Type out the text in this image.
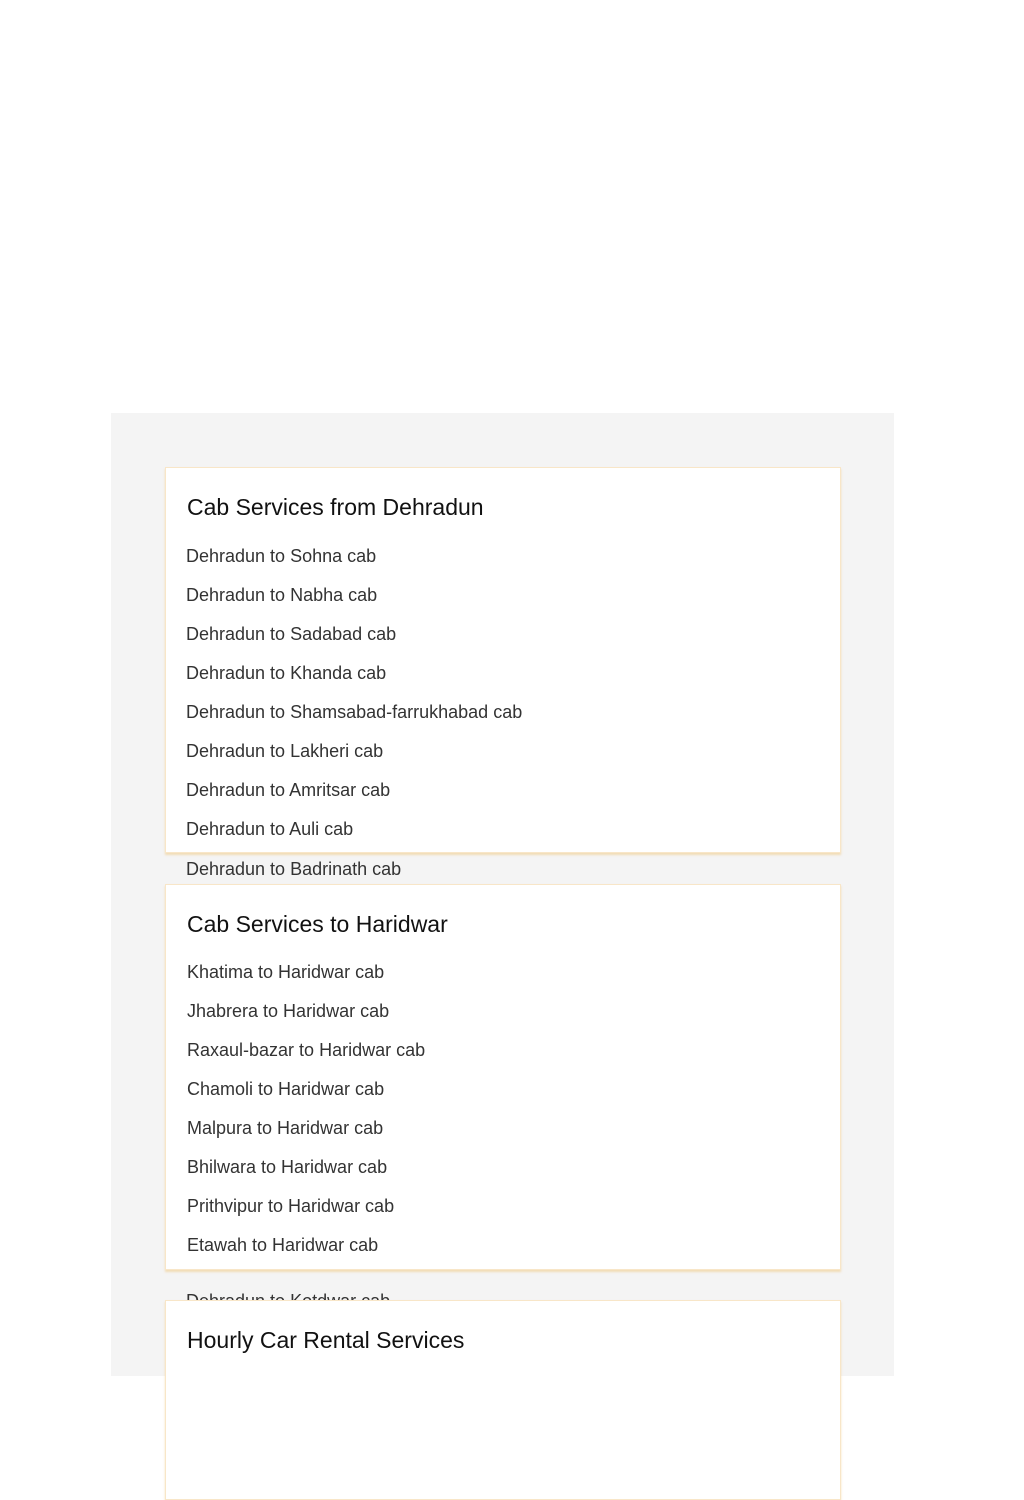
Cab Services from Dehradun
Dehradun to Sohna cab
Dehradun to Nabha cab
Dehradun to Sadabad cab
Dehradun to Khanda cab
Dehradun to Shamsabad-farrukhabad cab
Dehradun to Lakheri cab
Dehradun to Amritsar cab
Dehradun to Auli cab
Dehradun to Badrinath cab
Cab Services to Haridwar
Khatima to Haridwar cab
Jhabrera to Haridwar cab
Raxaul-bazar to Haridwar cab
Chamoli to Haridwar cab
Malpura to Haridwar cab
Bhilwara to Haridwar cab
Prithvipur to Haridwar cab
Etawah to Haridwar cab
Hourly Car Rental Services
